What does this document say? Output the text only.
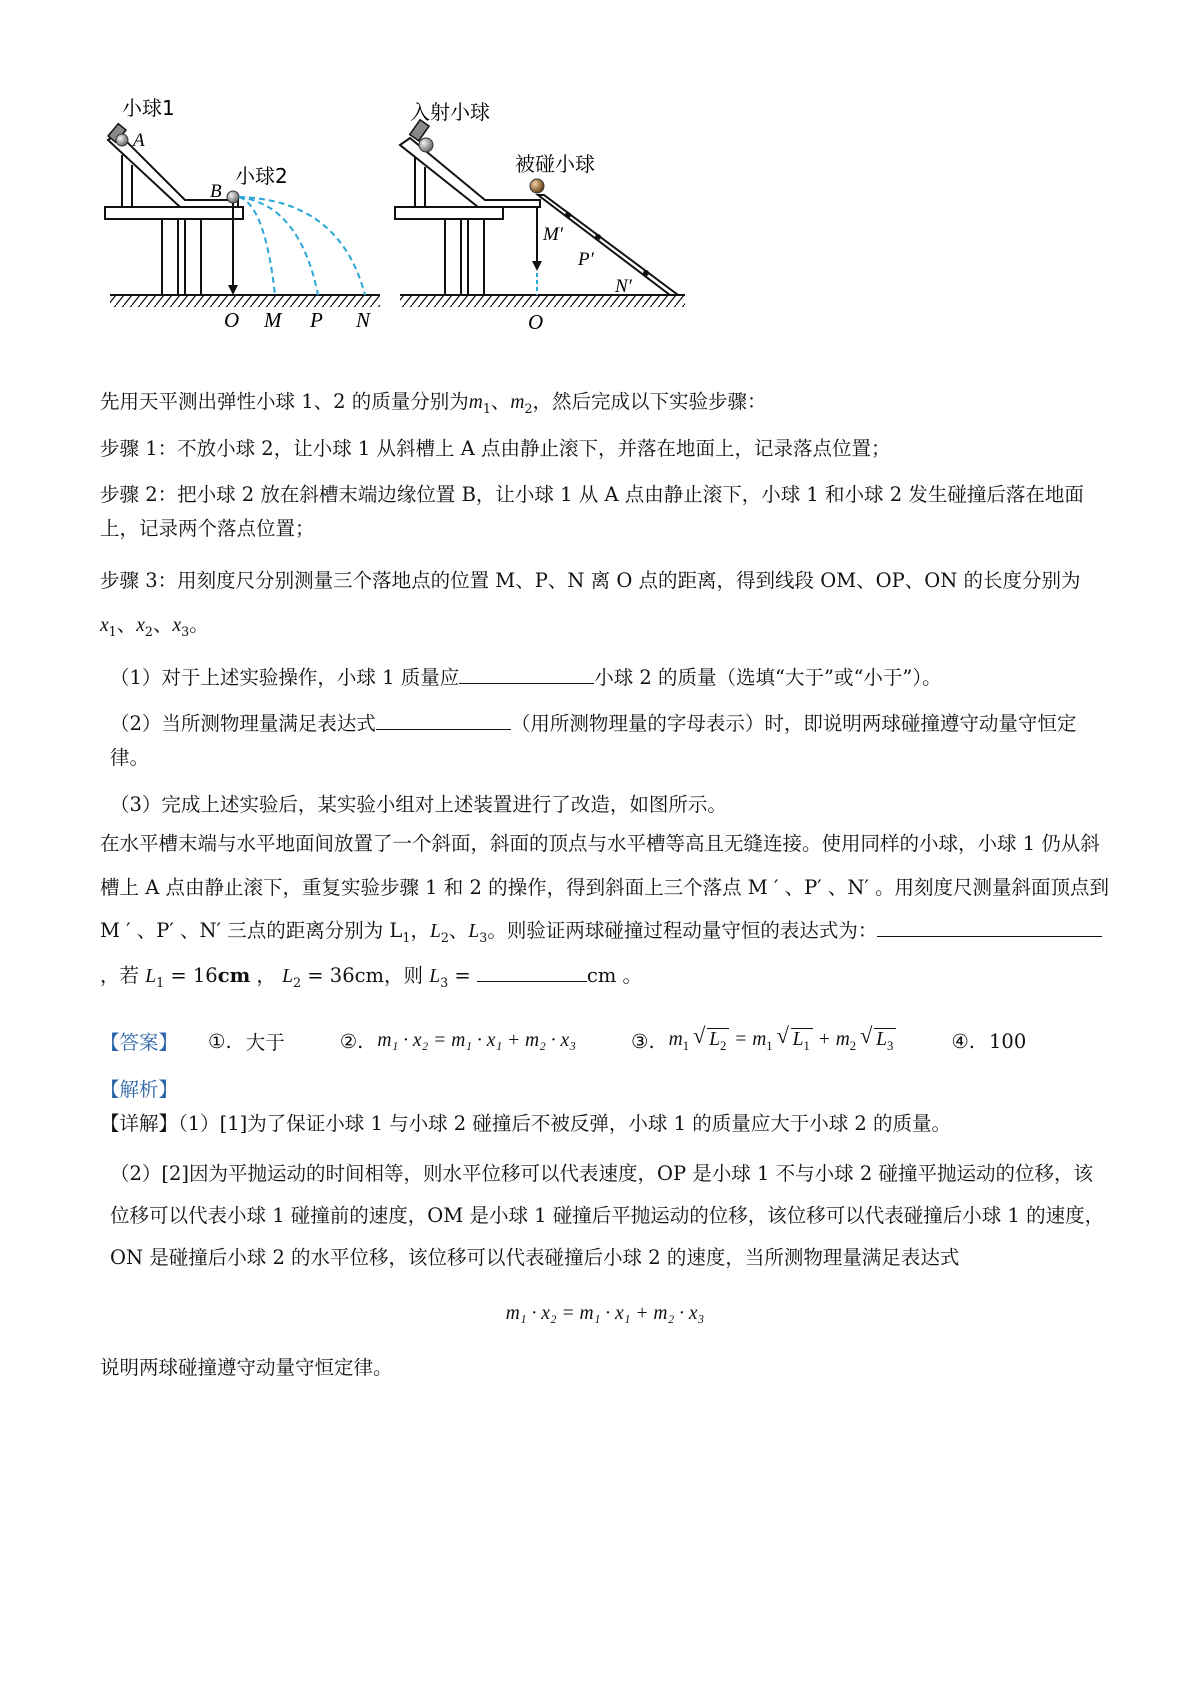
小球1
A
B
小球2
O M P N
入射小球
被碰小球
M′
P′
N′
O

先用天平测出弹性小球 1、2 的质量分别为$m_1$、$m_2$，然后完成以下实验步骤：

步骤 1：不放小球 2，让小球 1 从斜槽上 A 点由静止滚下，并落在地面上，记录落点位置；

步骤 2：把小球 2 放在斜槽末端边缘位置 B，让小球 1 从 A 点由静止滚下，小球 1 和小球 2 发生碰撞后落在地面上，记录两个落点位置；

步骤 3：用刻度尺分别测量三个落地点的位置 M、P、N 离 O 点的距离，得到线段 OM、OP、ON 的长度分别为$x_1$、$x_2$、$x_3$。

（1）对于上述实验操作，小球 1 质量应	小球 2 的质量（选填“大于”或“小于”）。

（2）当所测物理量满足表达式	（用所测物理量的字母表示）时，即说明两球碰撞遵守动量守恒定律。

（3）完成上述实验后，某实验小组对上述装置进行了改造，如图所示。

在水平槽末端与水平地面间放置了一个斜面，斜面的顶点与水平槽等高且无缝连接。使用同样的小球，小球 1 仍从斜槽上 A 点由静止滚下，重复实验步骤 1 和 2 的操作，得到斜面上三个落点 M ′ 、P′ 、N′ 。用刻度尺测量斜面顶点到 M ′ 、P′ 、N′ 三点的距离分别为 $L_1$，$L_2$、$L_3$。则验证两球碰撞过程动量守恒的表达式为：，若 $L_1 = 16cm$ ， $L_2 = 36cm$，则 $L_3$ =	cm 。

【答案】	①. 大于	②. m₁ · x₂ = m₁ · x₁ + m₂ · x₃	③. $m_1√$ $L_2 = m_1√$ $L_1 + m_2√$ $L_3$	④. 100

【解析】

【详解】（1）[1]为了保证小球 1 与小球 2 碰撞后不被反弹，小球 1 的质量应大于小球 2 的质量。

（2）[2]因为平抛运动的时间相等，则水平位移可以代表速度，OP 是小球 1 不与小球 2 碰撞平抛运动的位移，该位移可以代表小球 1 碰撞前的速度，OM 是小球 1 碰撞后平抛运动的位移，该位移可以代表碰撞后小球 1 的速度，ON 是碰撞后小球 2 的水平位移，该位移可以代表碰撞后小球 2 的速度，当所测物理量满足表达式

m₁ · x₂ = m₁ · x₁ + m₂ · x₃

说明两球碰撞遵守动量守恒定律。
